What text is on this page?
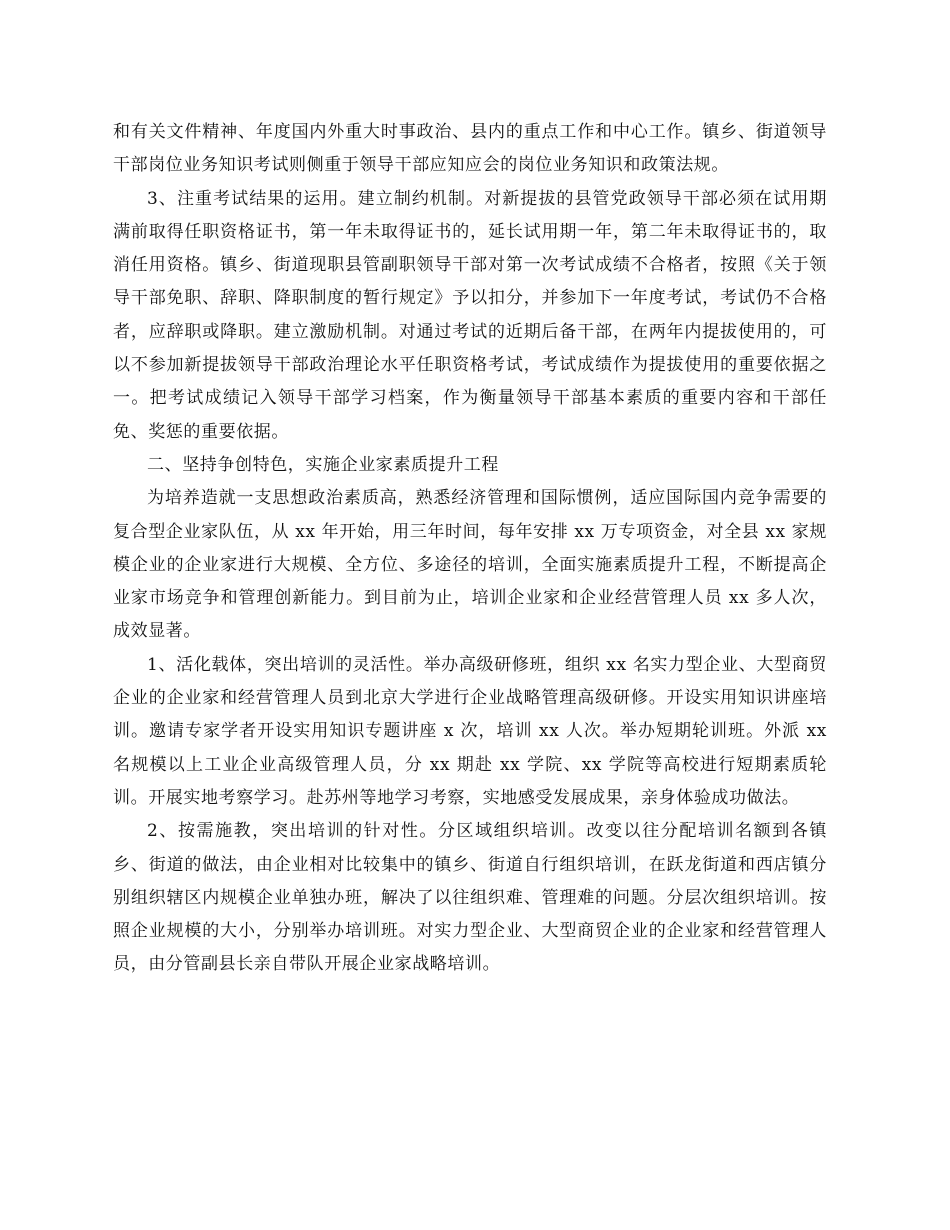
和有关文件精神、年度国内外重大时事政治、县内的重点工作和中心工作。镇乡、街道领导干部岗位业务知识考试则侧重于领导干部应知应会的岗位业务知识和政策法规。

3、注重考试结果的运用。建立制约机制。对新提拔的县管党政领导干部必须在试用期满前取得任职资格证书，第一年未取得证书的，延长试用期一年，第二年未取得证书的，取消任用资格。镇乡、街道现职县管副职领导干部对第一次考试成绩不合格者，按照《关于领导干部免职、辞职、降职制度的暂行规定》予以扣分，并参加下一年度考试，考试仍不合格者，应辞职或降职。建立激励机制。对通过考试的近期后备干部，在两年内提拔使用的，可以不参加新提拔领导干部政治理论水平任职资格考试，考试成绩作为提拔使用的重要依据之一。把考试成绩记入领导干部学习档案，作为衡量领导干部基本素质的重要内容和干部任免、奖惩的重要依据。

二、坚持争创特色，实施企业家素质提升工程

为培养造就一支思想政治素质高，熟悉经济管理和国际惯例，适应国际国内竞争需要的复合型企业家队伍，从 xx 年开始，用三年时间，每年安排 xx 万专项资金，对全县 xx 家规模企业的企业家进行大规模、全方位、多途径的培训，全面实施素质提升工程，不断提高企业家市场竞争和管理创新能力。到目前为止，培训企业家和企业经营管理人员 xx 多人次，成效显著。

1、活化载体，突出培训的灵活性。举办高级研修班，组织 xx 名实力型企业、大型商贸企业的企业家和经营管理人员到北京大学进行企业战略管理高级研修。开设实用知识讲座培训。邀请专家学者开设实用知识专题讲座 x 次，培训 xx 人次。举办短期轮训班。外派 xx 名规模以上工业企业高级管理人员，分 xx 期赴 xx 学院、xx 学院等高校进行短期素质轮训。开展实地考察学习。赴苏州等地学习考察，实地感受发展成果，亲身体验成功做法。

2、按需施教，突出培训的针对性。分区域组织培训。改变以往分配培训名额到各镇乡、街道的做法，由企业相对比较集中的镇乡、街道自行组织培训，在跃龙街道和西店镇分别组织辖区内规模企业单独办班，解决了以往组织难、管理难的问题。分层次组织培训。按照企业规模的大小，分别举办培训班。对实力型企业、大型商贸企业的企业家和经营管理人员，由分管副县长亲自带队开展企业家战略培训。
